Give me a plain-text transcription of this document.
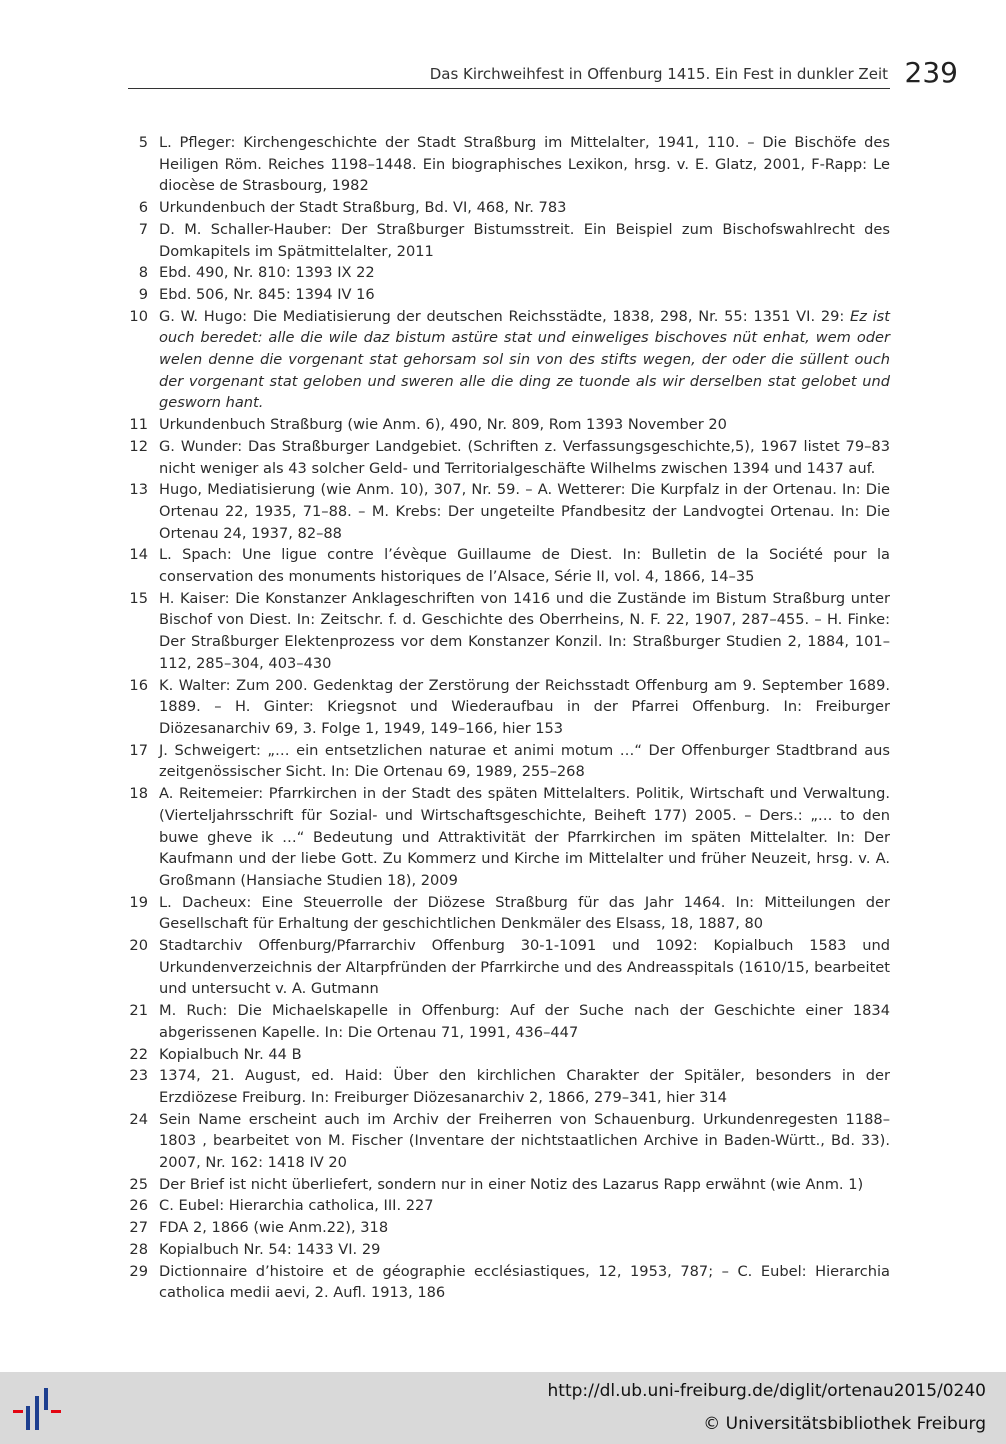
Das Kirchweihfest in Offenburg 1415. Ein Fest in dunkler Zeit 239
5 L. Pfleger: Kirchengeschichte der Stadt Straßburg im Mittelalter, 1941, 110. – Die Bischöfe des Heiligen Röm. Reiches 1198–1448. Ein biographisches Lexikon, hrsg. v. E. Glatz, 2001, F-Rapp: Le diocèse de Strasbourg, 1982
6 Urkundenbuch der Stadt Straßburg, Bd. VI, 468, Nr. 783
7 D. M. Schaller-Hauber: Der Straßburger Bistumsstreit. Ein Beispiel zum Bischofswahlrecht des Domkapitels im Spätmittelalter, 2011
8 Ebd. 490, Nr. 810: 1393 IX 22
9 Ebd. 506, Nr. 845: 1394 IV 16
10 G. W. Hugo: Die Mediatisierung der deutschen Reichsstädte, 1838, 298, Nr. 55: 1351 VI. 29: Ez ist ouch beredet: alle die wile daz bistum astüre stat und einweliges bischoves nüt enhat, wem oder welen denne die vorgenant stat gehorsam sol sin von des stifts wegen, der oder die süllent ouch der vorgenant stat geloben und sweren alle die ding ze tuonde als wir derselben stat gelobet und gesworn hant.
11 Urkundenbuch Straßburg (wie Anm. 6), 490, Nr. 809, Rom 1393 November 20
12 G. Wunder: Das Straßburger Landgebiet. (Schriften z. Verfassungsgeschichte,5), 1967 listet 79–83 nicht weniger als 43 solcher Geld- und Territorialgeschäfte Wilhelms zwischen 1394 und 1437 auf.
13 Hugo, Mediatisierung (wie Anm. 10), 307, Nr. 59. – A. Wetterer: Die Kurpfalz in der Ortenau. In: Die Ortenau 22, 1935, 71–88. – M. Krebs: Der ungeteilte Pfandbesitz der Landvogtei Ortenau. In: Die Ortenau 24, 1937, 82–88
14 L. Spach: Une ligue contre l’évèque Guillaume de Diest. In: Bulletin de la Société pour la conservation des monuments historiques de l’Alsace, Série II, vol. 4, 1866, 14–35
15 H. Kaiser: Die Konstanzer Anklageschriften von 1416 und die Zustände im Bistum Straßburg unter Bischof von Diest. In: Zeitschr. f. d. Geschichte des Oberrheins, N. F. 22, 1907, 287–455. – H. Finke: Der Straßburger Elektenprozess vor dem Konstanzer Konzil. In: Straßburger Studien 2, 1884, 101–112, 285–304, 403–430
16 K. Walter: Zum 200. Gedenktag der Zerstörung der Reichsstadt Offenburg am 9. September 1689. 1889. – H. Ginter: Kriegsnot und Wiederaufbau in der Pfarrei Offenburg. In: Freiburger Diözesanarchiv 69, 3. Folge 1, 1949, 149–166, hier 153
17 J. Schweigert: „… ein entsetzlichen naturae et animi motum …“ Der Offenburger Stadtbrand aus zeitgenössischer Sicht. In: Die Ortenau 69, 1989, 255–268
18 A. Reitemeier: Pfarrkirchen in der Stadt des späten Mittelalters. Politik, Wirtschaft und Verwaltung. (Vierteljahrsschrift für Sozial- und Wirtschaftsgeschichte, Beiheft 177) 2005. – Ders.: „… to den buwe gheve ik …“ Bedeutung und Attraktivität der Pfarrkirchen im späten Mittelalter. In: Der Kaufmann und der liebe Gott. Zu Kommerz und Kirche im Mittelalter und früher Neuzeit, hrsg. v. A. Großmann (Hansiache Studien 18), 2009
19 L. Dacheux: Eine Steuerrolle der Diözese Straßburg für das Jahr 1464. In: Mitteilungen der Gesellschaft für Erhaltung der geschichtlichen Denkmäler des Elsass, 18, 1887, 80
20 Stadtarchiv Offenburg/Pfarrarchiv Offenburg 30-1-1091 und 1092: Kopialbuch 1583 und Urkundenverzeichnis der Altarpfründen der Pfarrkirche und des Andreasspitals (1610/15, bearbeitet und untersucht v. A. Gutmann
21 M. Ruch: Die Michaelskapelle in Offenburg: Auf der Suche nach der Geschichte einer 1834 abgerissenen Kapelle. In: Die Ortenau 71, 1991, 436–447
22 Kopialbuch Nr. 44 B
23 1374, 21. August, ed. Haid: Über den kirchlichen Charakter der Spitäler, besonders in der Erzdiözese Freiburg. In: Freiburger Diözesanarchiv 2, 1866, 279–341, hier 314
24 Sein Name erscheint auch im Archiv der Freiherren von Schauenburg. Urkundenregesten 1188–1803 , bearbeitet von M. Fischer (Inventare der nichtstaatlichen Archive in Baden-Württ., Bd. 33). 2007, Nr. 162: 1418 IV 20
25 Der Brief ist nicht überliefert, sondern nur in einer Notiz des Lazarus Rapp erwähnt (wie Anm. 1)
26 C. Eubel: Hierarchia catholica, III. 227
27 FDA 2, 1866 (wie Anm.22), 318
28 Kopialbuch Nr. 54: 1433 VI. 29
29 Dictionnaire d’histoire et de géographie ecclésiastiques, 12, 1953, 787; – C. Eubel: Hierarchia catholica medii aevi, 2. Aufl. 1913, 186
http://dl.ub.uni-freiburg.de/diglit/ortenau2015/0240
© Universitätsbibliothek Freiburg
